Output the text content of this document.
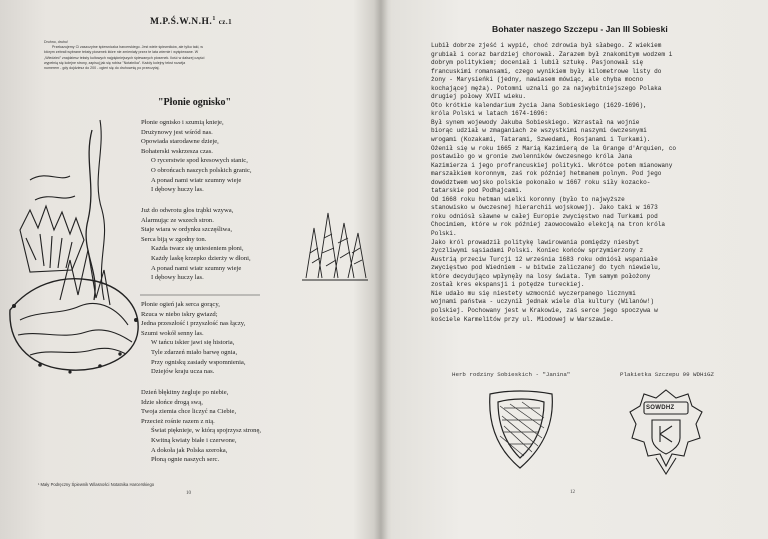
M.P.Ś.W.N.H.$^1$ cz.1
Druhno, druhu!
Przekazujemy Ci zaszczytne śpiewniczka harcerskiego. Jest wiele śpiewników, ale tylko taki, w
którym zebrali wybrane teksty piosenek które nie zmieniały przez te lata wiernie i wyśpiewane. W
„Wiedzieć” znajdziesz teksty kultowych najpiękniejszych śpiewanych piosenek. Ilość w dalszej części
wypełnią się kolejne strony, zapisuj jak się robisz "Notatnika". Każdy kolejny tekst rozwija
numerem - gdy dojdziesz do 200 - ogień się do druhownię po przeczytaj.
"Płonie ognisko"
Płonie ognisko i szumią knieje,
Drużynowy jest wśród nas.
Opowiada starodawne dzieje,
Bohaterski wskrzesza czas.
O rycerstwie spod kresowych stanic,
O obrońcach naszych polskich granic,
A ponad nami wiatr szumny wieje
I dębowy huczy las.
Już do odwrotu głos trąbki wzywa,
Alarmując ze wszech stron.
Staje wiara w ordynku szczęśliwa,
Serca biją w zgodny ton.
Każda twarz się uniesieniem płoni,
Każdy laskę krzepko dzierży w dłoni,
A ponad nami wiatr szumny wieje
I dębowy huczy las.
Płonie ogień jak serca gorący,
Rzuca w niebo iskry gwiazd;
Jedna przeszłość i przyszłość nas łączy,
Szumi wokół senny las.
W tańcu iskier jawi się historia,
Tyle zdarzeń miało barwę ognia,
Przy ogniskų zasiady wspomnienia,
Dziejów kraju ucza nas.
Dzień błękitny żegluje po niebie,
Idzie słońce drogą swą,
Twoja ziemia chce liczyć na Ciebie,
Przecież rośnie razem z nią.
Świat pięknieje, w którą spojrzysz stronę,
Kwitną kwiaty białe i czerwone,
A dokoła jak Polska szeroka,
Płoną ognie naszych serc.
¹ Mały Podręczny Śpiewnik Wilasności Notatnika Harcerskiego
10
Bohater naszego Szczepu - Jan III Sobieski
Lubił dobrze zjeść i wypić, choć zdrowia był słabego. Z wiekiem
grubiał i coraz bardziej chorował. Zarazem był znakomitym wodzem i
dobrym politykiem; doceniał i lubił sztukę. Pasjonował się
francuskimi romansami, czego wynikiem były kilometrowe listy do
żony - Marysieńki (jedny, nawiasem mówiąc, ale chyba mocno
kochającej męża). Potomni uznali go za najwybitniejszego Polaka
drugiej połowy XVII wieku.
Oto krótkie kalendarium życia Jana Sobieskiego (1629-1696),
króla Polski w latach 1674-1696:
Był synem wojewody Jakuba Sobieskiego. Wzrastał na wojnie
biorąc udział w zmaganiach ze wszystkimi naszymi ówczesnymi
wrogami (Kozakami, Tatarami, Szwedami, Rosjanami i Turkami).
Ożenił się w roku 1665 z Marią Kazimierą de la Grange d'Arquien, co
postawiło go w gronie zwolenników ówczesnego króla Jana
Kazimierza i jego profrancuskiej polityki. Wkrótce potem mianowany
marszałkiem koronnym, zaś rok później hetmanem polnym. Pod jego
dowództwem wojsko polskie pokonało w 1667 roku siły kozacko-
tatarskie pod Podhajcami.
Od 1668 roku hetman wielki koronny (było to najwyższe
stanowisko w ówczesnej hierarchii wojskowej). Jako taki w 1673
roku odniósł sławne w całej Europie zwycięstwo nad Turkami pod
Chocimiem, które w rok później zaowocowało elekcją na tron króla
Polski.
Jako król prowadził politykę lawirowania pomiędzy niesbyt
życzliwymi sąsiadami Polski. Koniec końców sprzymierzony z
Austrią przeciw Turcji 12 września 1683 roku odniósł wspaniałe
zwycięstwo pod Wiedniem - w bitwie zaliczanej do tych niewielu,
które decydująco wpłynęły na losy świata. Tym samym położony
został kres ekspansji i potędze tureckiej.
Nie udało mu się niestety wzmocnić wyczerpanego licznymi
wojnami państwa - uczynił jednak wiele dla kultury (Wilanów!)
polskiej. Pochowany jest w Krakowie, zaś serce jego spoczywa w
kościele Karmelitów przy ul. Miodowej w Warszawie.
Herb rodziny Sobieskich - "Janina"	Plakietka Szczepu 99 WDHiGZ
SOWDHZ
12
